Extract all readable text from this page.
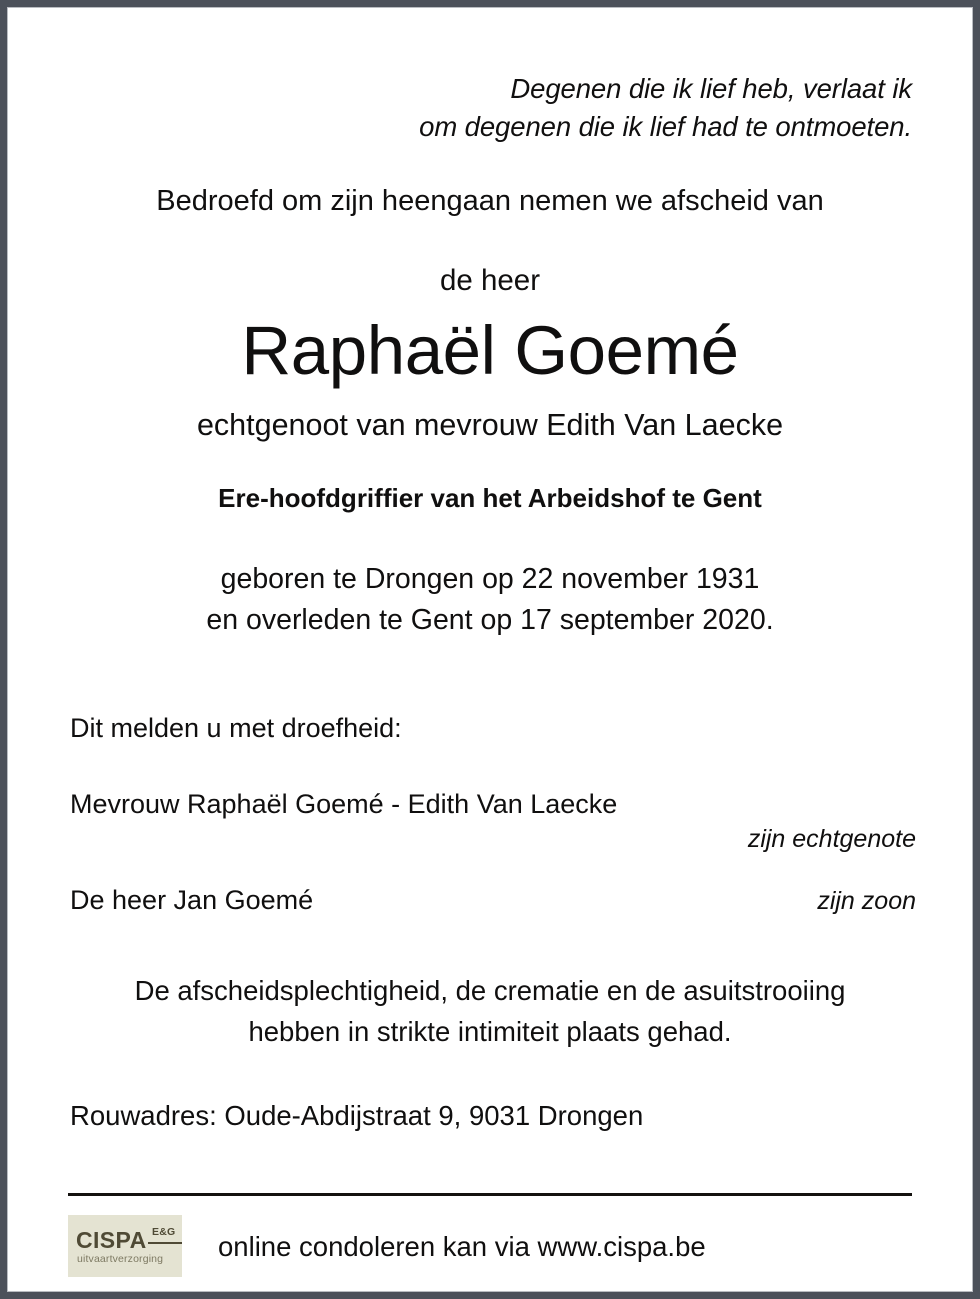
Degenen die ik lief heb, verlaat ik
om degenen die ik lief had te ontmoeten.
Bedroefd om zijn heengaan nemen we afscheid van
de heer
Raphaël Goemé
echtgenoot van mevrouw Edith Van Laecke
Ere-hoofdgriffier van het Arbeidshof te Gent
geboren te Drongen op 22 november 1931
en overleden te Gent op 17 september 2020.
Dit melden u met droefheid:
Mevrouw Raphaël Goemé - Edith Van Laecke
zijn echtgenote
De heer Jan Goemé	zijn zoon
De afscheidsplechtigheid, de crematie en de asuitstrooiing
hebben in strikte intimiteit plaats gehad.
Rouwadres: Oude-Abdijstraat 9, 9031 Drongen
CISPA E&G
uitvaartverzorging online condoleren kan via www.cispa.be
